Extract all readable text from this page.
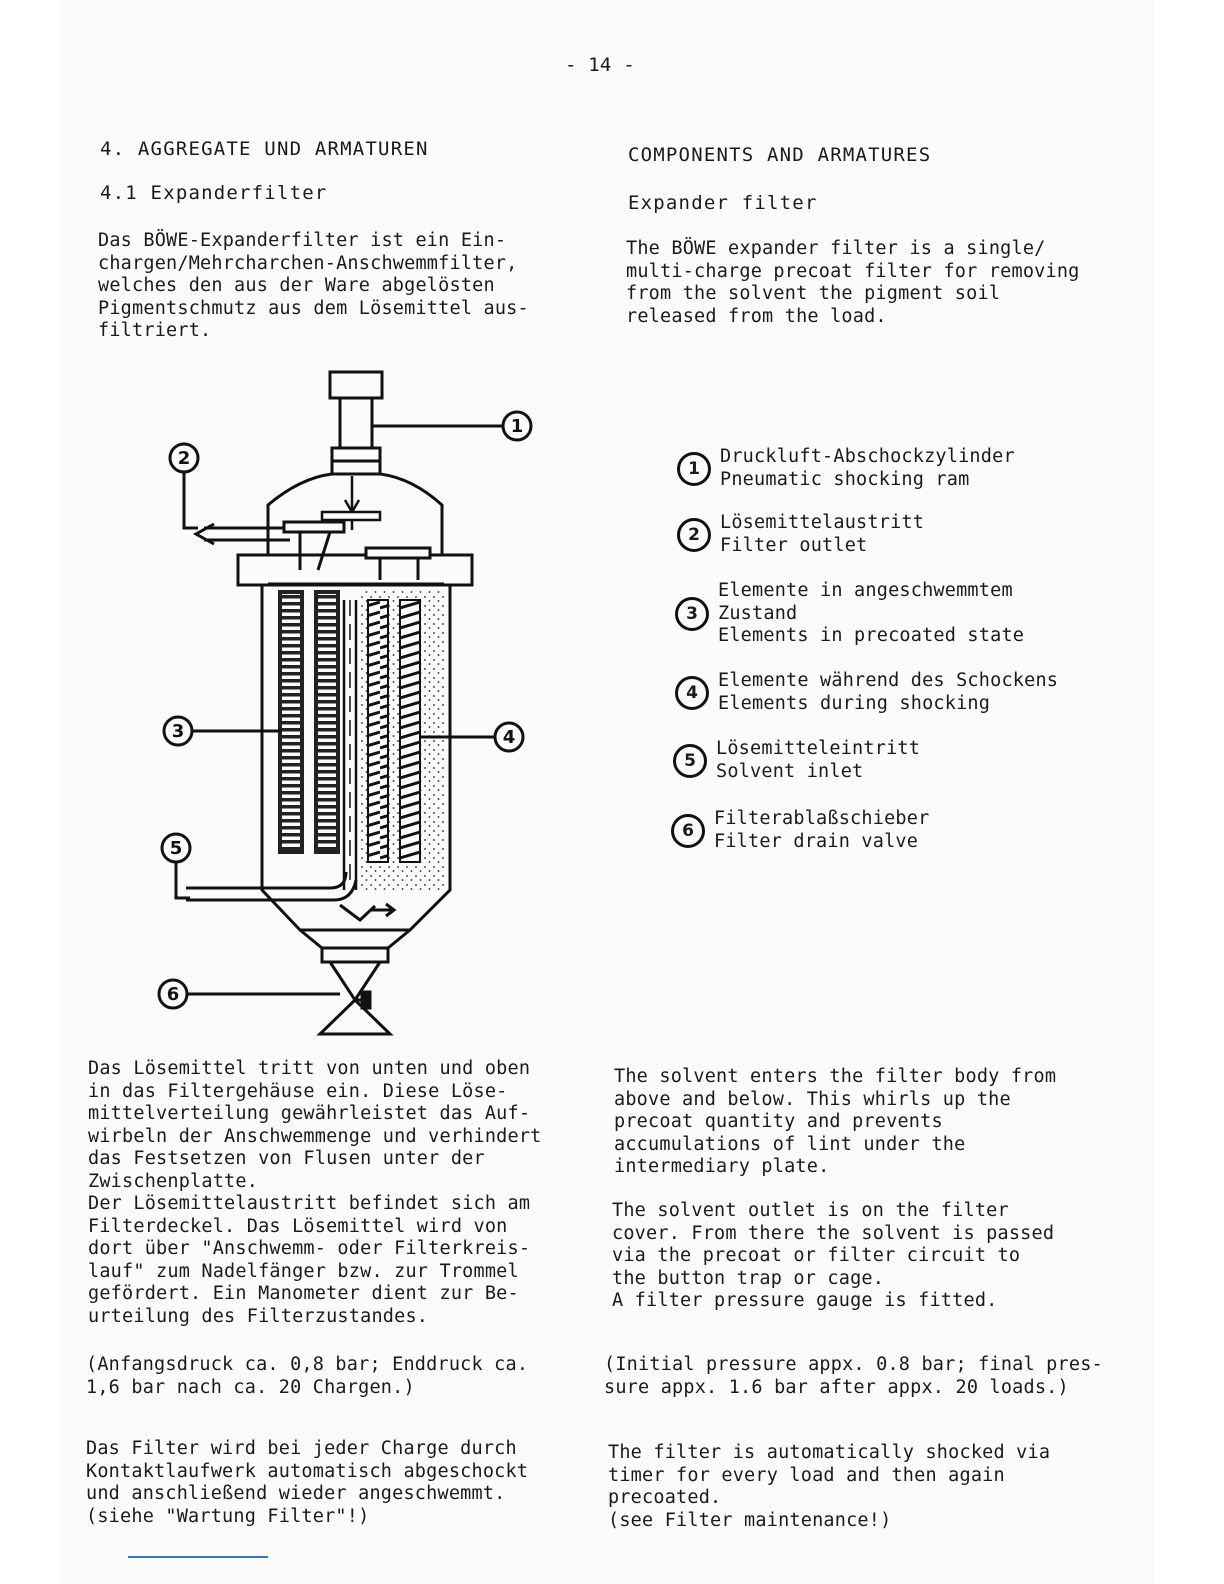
- 14 -
4. AGGREGATE UND ARMATUREN
4.1 Expanderfilter
Das BÖWE-Expanderfilter ist ein Ein-
chargen/Mehrcharchen-Anschwemmfilter,
welches den aus der Ware abgelösten
Pigmentschmutz aus dem Lösemittel aus-
filtriert.
COMPONENTS AND ARMATURES
Expander filter
The BÖWE expander filter is a single/
multi-charge precoat filter for removing
from the solvent the pigment soil
released from the load.
1
2
3	4
5
6
1
Druckluft-Abschockzylinder
Pneumatic shocking ram
2
Lösemittelaustritt
Filter outlet
3
Elemente in angeschwemmtem
Zustand
Elements in precoated state
4
Elemente während des Schockens
Elements during shocking
5
Lösemitteleintritt
Solvent inlet
6
Filterablaßschieber
Filter drain valve
Das Lösemittel tritt von unten und oben
in das Filtergehäuse ein. Diese Löse-
mittelverteilung gewährleistet das Auf-
wirbeln der Anschwemmenge und verhindert
das Festsetzen von Flusen unter der
Zwischenplatte.
Der Lösemittelaustritt befindet sich am
Filterdeckel. Das Lösemittel wird von
dort über "Anschwemm- oder Filterkreis-
lauf" zum Nadelfänger bzw. zur Trommel
gefördert. Ein Manometer dient zur Be-
urteilung des Filterzustandes.
(Anfangsdruck ca. 0,8 bar; Enddruck ca.
1,6 bar nach ca. 20 Chargen.)
Das Filter wird bei jeder Charge durch
Kontaktlaufwerk automatisch abgeschockt
und anschließend wieder angeschwemmt.
(siehe "Wartung Filter"!)
The solvent enters the filter body from
above and below. This whirls up the
precoat quantity and prevents
accumulations of lint under the
intermediary plate.
The solvent outlet is on the filter
cover. From there the solvent is passed
via the precoat or filter circuit to
the button trap or cage.
A filter pressure gauge is fitted.
(Initial pressure appx. 0.8 bar; final pres-
sure appx. 1.6 bar after appx. 20 loads.)
The filter is automatically shocked via
timer for every load and then again
precoated.
(see Filter maintenance!)
